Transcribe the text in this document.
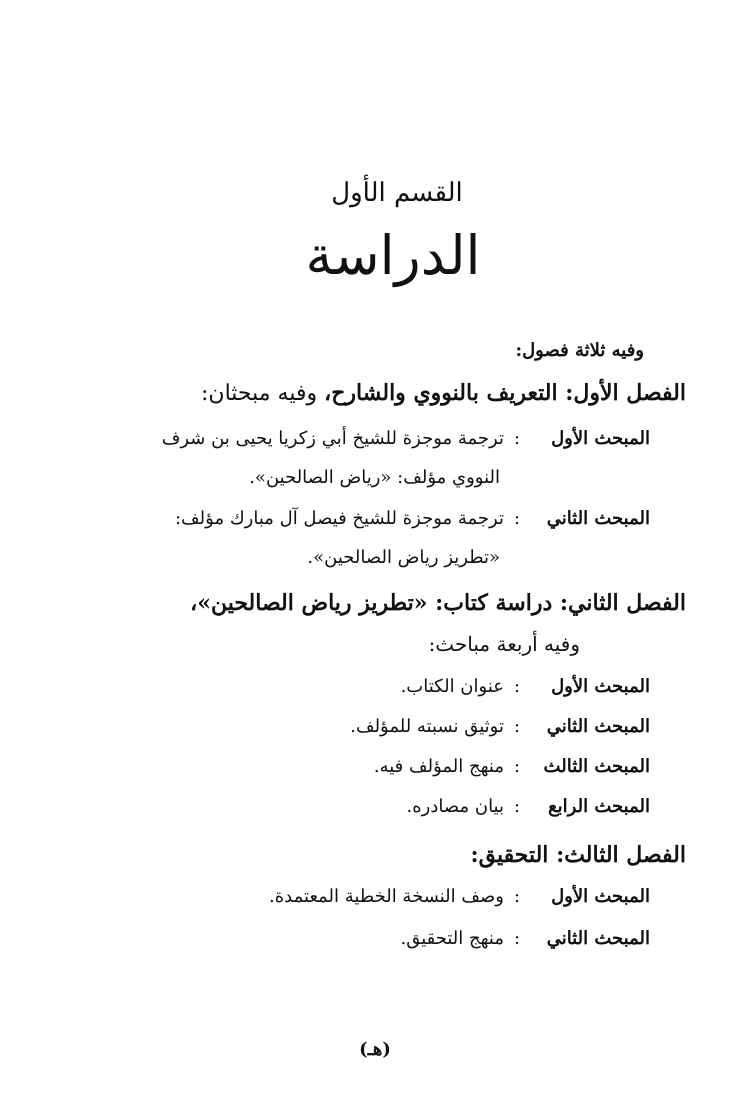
القسم الأول
الدراسة
وفيه ثلاثة فصول:
الفصل الأول: التعريف بالنووي والشارح، وفيه مبحثان:
المبحث الأول
:
ترجمة موجزة للشيخ أبي زكريا يحيى بن شرف
النووي مؤلف: «رياض الصالحين».
المبحث الثاني
:
ترجمة موجزة للشيخ فيصل آل مبارك مؤلف:
«تطريز رياض الصالحين».
الفصل الثاني: دراسة كتاب: «تطريز رياض الصالحين»،
وفيه أربعة مباحث:
المبحث الأول
:
عنوان الكتاب.
المبحث الثاني
:
توثيق نسبته للمؤلف.
المبحث الثالث
:
منهج المؤلف فيه.
المبحث الرابع
:
بيان مصادره.
الفصل الثالث: التحقيق:
المبحث الأول
:
وصف النسخة الخطية المعتمدة.
المبحث الثاني
:
منهج التحقيق.
(هـ)
